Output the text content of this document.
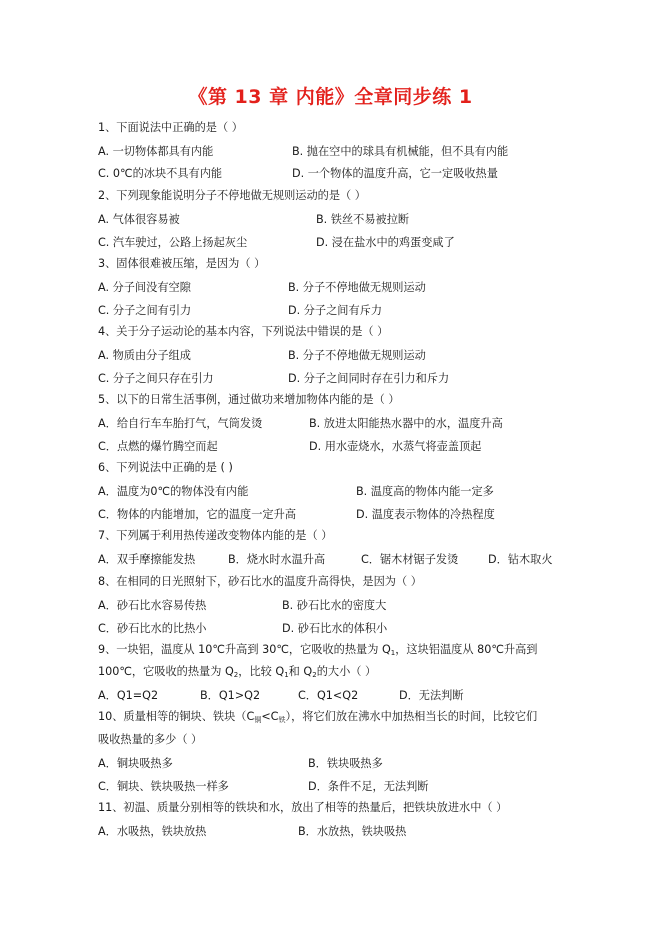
《第 13 章 内能》全章同步练 1
1、下面说法中正确的是（ ）
A. 一切物体都具有内能	B. 抛在空中的球具有机械能，但不具有内能
C. 0℃的冰块不具有内能	D. 一个物体的温度升高，它一定吸收热量
2、下列现象能说明分子不停地做无规则运动的是（ ）
A. 气体很容易被	B. 铁丝不易被拉断
C. 汽车驶过，公路上扬起灰尘	D. 浸在盐水中的鸡蛋变咸了
3、固体很难被压缩，是因为（ ）
A. 分子间没有空隙	B. 分子不停地做无规则运动
C. 分子之间有引力	D. 分子之间有斥力
4、关于分子运动论的基本内容，下列说法中错误的是（ ）
A. 物质由分子组成	B. 分子不停地做无规则运动
C. 分子之间只存在引力	D. 分子之间同时存在引力和斥力
5、以下的日常生活事例，通过做功来增加物体内能的是（ ）
A．给自行车车胎打气，气筒发烫	B. 放进太阳能热水器中的水，温度升高
C．点燃的爆竹腾空而起	D. 用水壶烧水，水蒸气将壶盖顶起
6、下列说法中正确的是 ( )
A．温度为0℃的物体没有内能	B. 温度高的物体内能一定多
C．物体的内能增加，它的温度一定升高	D. 温度表示物体的冷热程度
7、下列属于利用热传递改变物体内能的是（ ）
A．双手摩擦能发热	B．烧水时水温升高	C．锯木材锯子发烫	D．钻木取火
8、在相同的日光照射下，砂石比水的温度升高得快，是因为（ ）
A．砂石比水容易传热	B. 砂石比水的密度大
C．砂石比水的比热小	D. 砂石比水的体积小
9、一块铝，温度从 10℃升高到 30℃，它吸收的热量为 $Q_1$，这块铝温度从 80℃升高到
100℃，它吸收的热量为 $Q_2$，比较 $Q_1$和 $Q_2$的大小（ ）
A．Q1=Q2	B．Q1>Q2	C．Q1<Q2	D．无法判断
10、质量相等的铜块、铁块$(C_铜<C_铁)$，将它们放在沸水中加热相当长的时间，比较它们
吸收热量的多少（ ）
A．铜块吸热多	B．铁块吸热多
C．铜块、铁块吸热一样多	D．条件不足，无法判断
11、初温、质量分别相等的铁块和水，放出了相等的热量后，把铁块放进水中（ ）
A．水吸热，铁块放热	B．水放热，铁块吸热
